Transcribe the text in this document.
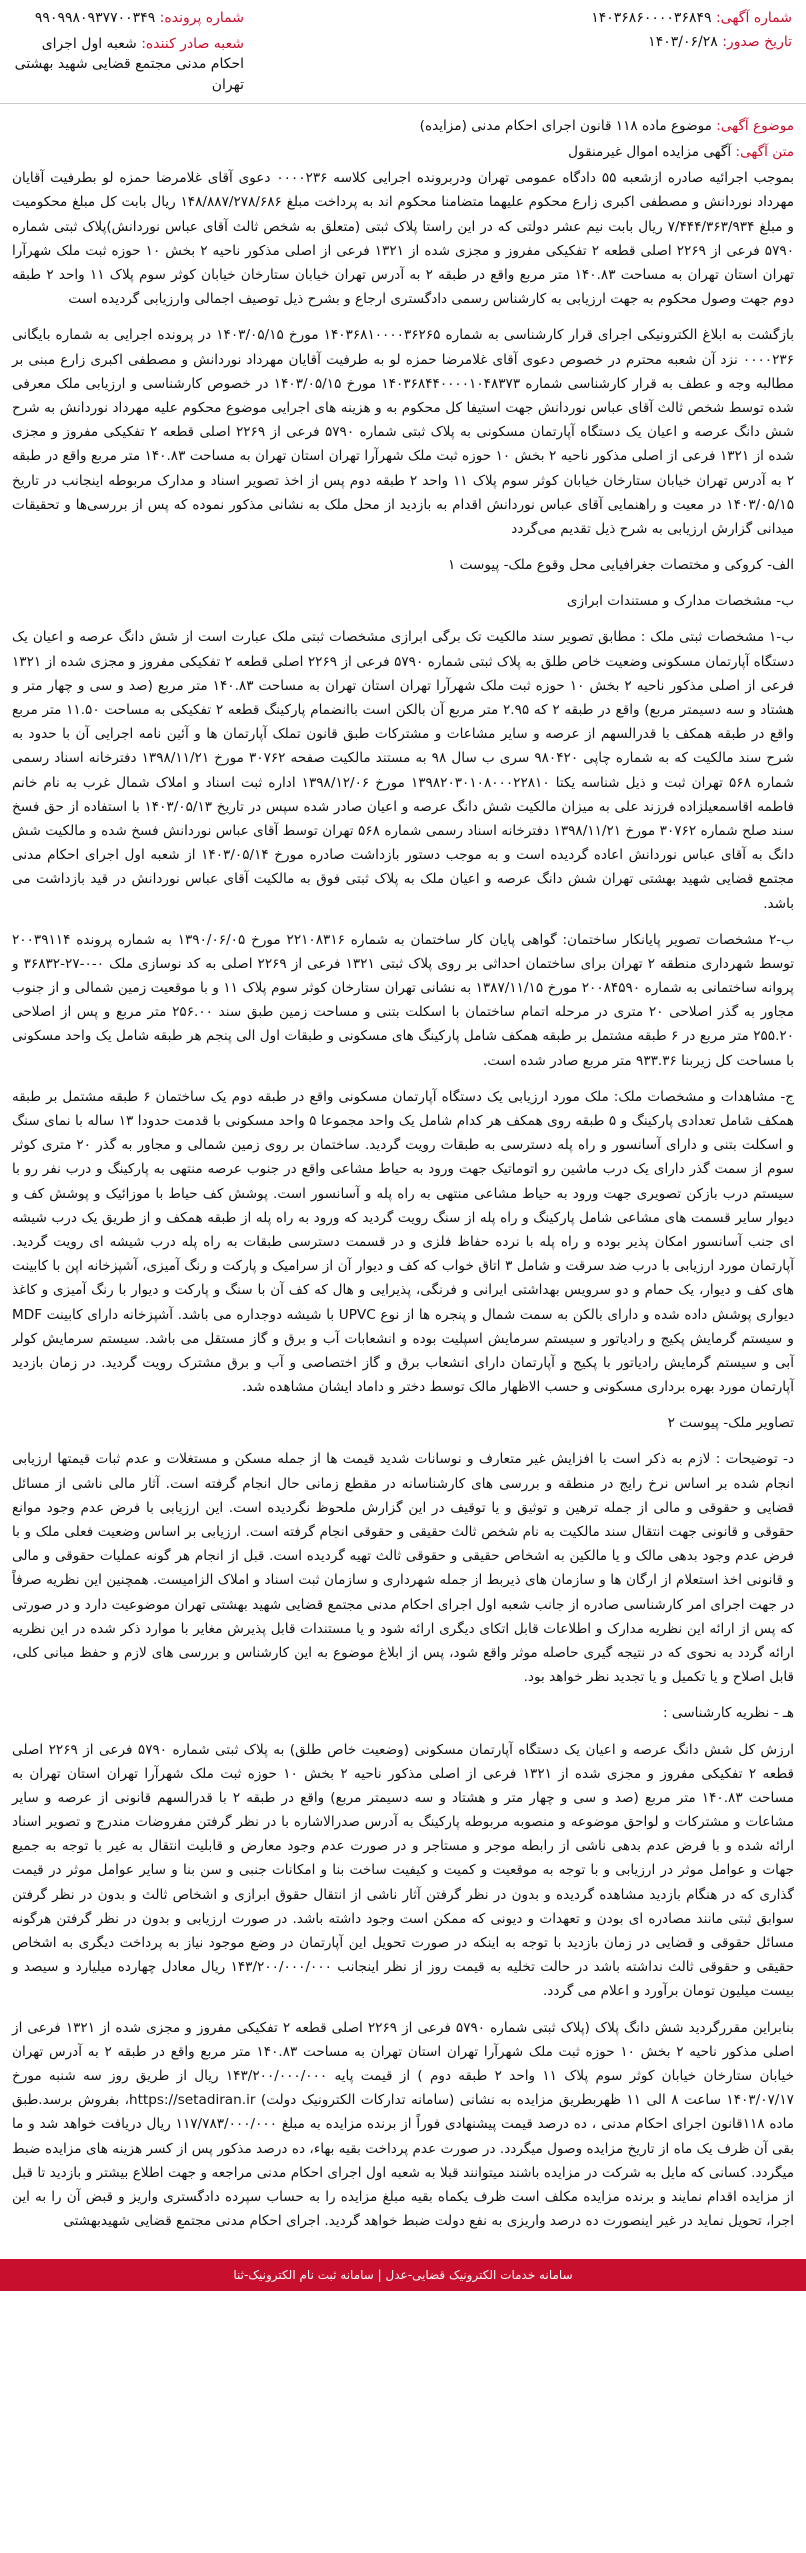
شماره آگهی: ۱۴۰۳۶۸۶۰۰۰۰۳۶۸۴۹
تاریخ صدور: ۱۴۰۳/۰۶/۲۸
شماره پرونده: ۹۹۰۹۹۸۰۹۳۷۷۰۰۳۴۹
شعبه صادر کننده: شعبه اول اجرای احکام مدنی مجتمع قضایی شهید بهشتی تهران
موضوع آگهی: موضوع ماده ۱۱۸ قانون اجرای احکام مدنی (مزایده)
متن آگهی: آگهی مزایده اموال غیرمنقول

بموجب اجرائیه صادره ازشعبه ۵۵ دادگاه عمومی تهران ودربرونده اجرایی کلاسه ۰۰۰۰۲۳۶ دعوی آقای غلامرضا حمزه لو بطرفیت آقایان مهرداد نوردانش و مصطفی اکبری زارع محکوم علیهما متضامنا محکوم اند به پرداخت مبلغ ۱۴۸/۸۸۷/۲۷۸/۶۸۶ ریال بابت کل مبلغ محکومیت و مبلغ ۷/۴۴۴/۳۶۳/۹۳۴ ریال بابت نیم عشر دولتی که در این راستا پلاک ثبتی (متعلق به شخص ثالث آقای عباس نوردانش)پلاک ثبتی شماره ۵۷۹۰ فرعی از ۲۲۶۹ اصلی قطعه ۲ تفکیکی مفروز و مجزی شده از ۱۳۲۱ فرعی از اصلی مذکور ناحیه ۲ بخش ۱۰ حوزه ثبت ملک شهرآرا تهران استان تهران به مساحت ۱۴۰.۸۳ متر مربع واقع در طبقه ۲ به آدرس تهران خیابان ستارخان خیابان کوثر سوم پلاک ۱۱ واحد ۲ طبقه دوم جهت وصول محکوم به جهت ارزیابی به کارشناس رسمی دادگستری ارجاع و بشرح ذیل توصیف اجمالی وارزیابی گردیده است

بازگشت به ابلاغ الکترونیکی اجرای قرار کارشناسی به شماره ۱۴۰۳۶۸۱۰۰۰۰۳۶۲۶۵ مورخ ۱۴۰۳/۰۵/۱۵ در پرونده اجرایی به شماره بایگانی ۰۰۰۰۲۳۶ نزد آن شعبه محترم در خصوص دعوی آقای غلامرضا حمزه لو به طرفیت آقایان مهرداد نوردانش و مصطفی اکبری زارع مبنی بر مطالبه وجه و عطف به قرار کارشناسی شماره ۱۴۰۳۶۸۴۴۰۰۰۰۱۰۴۸۳۷۳ مورخ ۱۴۰۳/۰۵/۱۵ در خصوص کارشناسی و ارزیابی ملک معرفی شده توسط شخص ثالث آقای عباس نوردانش جهت استیفا کل محکوم به و هزینه های اجرایی موضوع محکوم علیه مهرداد نوردانش به شرح شش دانگ عرصه و اعیان یک دستگاه آپارتمان مسکونی به پلاک ثبتی شماره ۵۷۹۰ فرعی از ۲۲۶۹ اصلی قطعه ۲ تفکیکی مفروز و مجزی شده از ۱۳۲۱ فرعی از اصلی مذکور ناحیه ۲ بخش ۱۰ حوزه ثبت ملک شهرآرا تهران استان تهران به مساحت ۱۴۰.۸۳ متر مربع واقع در طبقه ۲ به آدرس تهران خیابان ستارخان خیابان کوثر سوم پلاک ۱۱ واحد ۲ طبقه دوم پس از اخذ تصویر اسناد و مدارک مربوطه اینجانب در تاریخ ۱۴۰۳/۰۵/۱۵ در معیت و راهنمایی آقای عباس نوردانش اقدام به بازدید از محل ملک به نشانی مذکور نموده که پس از بررسی‌ها و تحقیقات میدانی گزارش ارزیابی به شرح ذیل تقدیم می‌گردد

الف- کروکی و مختصات جغرافیایی محل وقوع ملک- پیوست ۱

ب- مشخصات مدارک و مستندات ابرازی

ب-۱ مشخصات ثبتی ملک : مطابق تصویر سند مالکیت تک برگی ابرازی مشخصات ثبتی ملک عبارت است از شش دانگ عرصه و اعیان یک دستگاه آپارتمان مسکونی وضعیت خاص طلق به پلاک ثبتی شماره ۵۷۹۰ فرعی از ۲۲۶۹ اصلی قطعه ۲ تفکیکی مفروز و مجزی شده از ۱۳۲۱ فرعی از اصلی مذکور ناحیه ۲ بخش ۱۰ حوزه ثبت ملک شهرآرا تهران استان تهران به مساحت ۱۴۰.۸۳ متر مربع (صد و سی و چهار متر و هشتاد و سه دسیمتر مربع) واقع در طبقه ۲ که ۲.۹۵ متر مربع آن بالکن است باانضمام پارکینگ قطعه ۲ تفکیکی به مساحت ۱۱.۵۰ متر مربع واقع در طبقه همکف با قدرالسهم از عرصه و سایر مشاعات و مشترکات طبق قانون تملک آپارتمان ها و آئین نامه اجرایی آن با حدود به شرح سند مالکیت که به شماره چاپی ۹۸۰۴۲۰ سری ب سال ۹۸ به مستند مالکیت صفحه ۳۰۷۶۲ مورخ ۱۳۹۸/۱۱/۲۱ دفترخانه اسناد رسمی شماره ۵۶۸ تهران ثبت و ذیل شناسه یکتا ۱۳۹۸۲۰۳۰۱۰۸۰۰۰۲۲۸۱۰ مورخ ۱۳۹۸/۱۲/۰۶ اداره ثبت اسناد و املاک شمال غرب به نام خانم فاطمه اقاسمعیلزاده فرزند علی به میزان مالکیت شش دانگ عرصه و اعیان صادر شده سپس در تاریخ ۱۴۰۳/۰۵/۱۳ با استفاده از حق فسخ سند صلح شماره ۳۰۷۶۲ مورخ ۱۳۹۸/۱۱/۲۱ دفترخانه اسناد رسمی شماره ۵۶۸ تهران توسط آقای عباس نوردانش فسخ شده و مالکیت شش دانگ به آقای عباس نوردانش اعاده گردیده است و به موجب دستور بازداشت صادره مورخ ۱۴۰۳/۰۵/۱۴ از شعبه اول اجرای احکام مدنی مجتمع قضایی شهید بهشتی تهران شش دانگ عرصه و اعیان ملک به پلاک ثبتی فوق به مالکیت آقای عباس نوردانش در قید بازداشت می باشد.

ب-۲ مشخصات تصویر پایانکار ساختمان: گواهی پایان کار ساختمان به شماره ۲۲۱۰۸۳۱۶ مورخ ۱۳۹۰/۰۶/۰۵ به شماره پرونده ۲۰۰۳۹۱۱۴ توسط شهرداری منطقه ۲ تهران برای ساختمان احداثی بر روی پلاک ثبتی ۱۳۲۱ فرعی از ۲۲۶۹ اصلی به کد نوسازی ملک ۰-۰-۲۷-۳۶۸۳۲ و پروانه ساختمانی به شماره ۲۰۰۸۴۵۹۰ مورخ ۱۳۸۷/۱۱/۱۵ به نشانی تهران ستارخان کوثر سوم پلاک ۱۱ و با موقعیت زمین شمالی و از جنوب مجاور به گذر اصلاحی ۲۰ متری در مرحله اتمام ساختمان با اسکلت بتنی و مساحت زمین طبق سند ۲۵۶.۰۰ متر مربع و پس از اصلاحی ۲۵۵.۲۰ متر مربع در ۶ طبقه مشتمل بر طبقه همکف شامل پارکینگ های مسکونی و طبقات اول الی پنجم هر طبقه شامل یک واحد مسکونی با مساحت کل زیربنا ۹۳۳.۳۶ متر مربع صادر شده است.

ج- مشاهدات و مشخصات ملک: ملک مورد ارزیابی یک دستگاه آپارتمان مسکونی واقع در طبقه دوم یک ساختمان ۶ طبقه مشتمل بر طبقه همکف شامل تعدادی پارکینگ و ۵ طبقه روی همکف هر کدام شامل یک واحد مجموعا ۵ واحد مسکونی با قدمت حدودا ۱۳ ساله با نمای سنگ و اسکلت بتنی و دارای آسانسور و راه پله دسترسی به طبقات رویت گردید. ساختمان بر روی زمین شمالی و مجاور به گذر ۲۰ متری کوثر سوم از سمت گذر دارای یک درب ماشین رو اتوماتیک جهت ورود به حیاط مشاعی واقع در جنوب عرصه منتهی به پارکینگ و درب نفر رو با سیستم درب بازکن تصویری جهت ورود به حیاط مشاعی منتهی به راه پله و آسانسور است. پوشش کف حیاط با موزائیک و پوشش کف و دیوار سایر قسمت های مشاعی شامل پارکینگ و راه پله از سنگ رویت گردید که ورود به راه پله از طبقه همکف و از طریق یک درب شیشه ای جنب آسانسور امکان پذیر بوده و راه پله با نرده حفاظ فلزی و در قسمت دسترسی طبقات به راه پله درب شیشه ای رویت گردید. آپارتمان مورد ارزیابی با درب ضد سرقت و شامل ۳ اتاق خواب که کف و دیوار آن از سرامیک و پارکت و رنگ آمیزی، آشپزخانه اپن با کابینت های کف و دیوار، یک حمام و دو سرویس بهداشتی ایرانی و فرنگی، پذیرایی و هال که کف آن با سنگ و پارکت و دیوار با رنگ آمیزی و کاغذ دیواری پوشش داده شده و دارای بالکن به سمت شمال و پنجره ها از نوع UPVC با شیشه دوجداره می باشد. آشپزخانه دارای کابینت MDF و سیستم گرمایش پکیج و رادیاتور و سیستم سرمایش اسپلیت بوده و انشعابات آب و برق و گاز مستقل می باشد. سیستم سرمایش کولر آبی و سیستم گرمایش رادیاتور با پکیج و آپارتمان دارای انشعاب برق و گاز اختصاصی و آب و برق مشترک رویت گردید. در زمان بازدید آپارتمان مورد بهره برداری مسکونی و حسب الاظهار مالک توسط دختر و داماد ایشان مشاهده شد.

تصاویر ملک- پیوست ۲

د- توضیحات : لازم به ذکر است با افزایش غیر متعارف و نوسانات شدید قیمت ها از جمله مسکن و مستغلات و عدم ثبات قیمتها ارزیابی انجام شده بر اساس نرخ رایج در منطقه و بررسی های کارشناسانه در مقطع زمانی حال انجام گرفته است. آثار مالی ناشی از مسائل قضایی و حقوقی و مالی از جمله ترهین و توثیق و یا توقیف در این گزارش ملحوظ نگردیده است. این ارزیابی با فرض عدم وجود موانع حقوقی و قانونی جهت انتقال سند مالکیت به نام شخص ثالث حقیقی و حقوقی انجام گرفته است. ارزیابی بر اساس وضعیت فعلی ملک و با فرض عدم وجود بدهی مالک و یا مالکین به اشخاص حقیقی و حقوقی ثالث تهیه گردیده است. قبل از انجام هر گونه عملیات حقوقی و مالی و قانونی اخذ استعلام از ارگان ها و سازمان های ذیربط از جمله شهرداری و سازمان ثبت اسناد و املاک الزامیست. همچنین این نظریه صرفاً در جهت اجرای امر کارشناسی صادره از جانب شعبه اول اجرای احکام مدنی مجتمع قضایی شهید بهشتی تهران موضوعیت دارد و در صورتی که پس از ارائه این نظریه مدارک و اطلاعات قابل اتکای دیگری ارائه شود و یا مستندات قابل پذیرش مغایر با موارد ذکر شده در این نظریه ارائه گردد به نحوی که در نتیجه گیری حاصله موثر واقع شود، پس از ابلاغ موضوع به این کارشناس و بررسی های لازم و حفظ مبانی کلی، قابل اصلاح و یا تکمیل و یا تجدید نظر خواهد بود.

هـ - نظریه کارشناسی :

ارزش کل شش دانگ عرصه و اعیان یک دستگاه آپارتمان مسکونی (وضعیت خاص طلق) به پلاک ثبتی شماره ۵۷۹۰ فرعی از ۲۲۶۹ اصلی قطعه ۲ تفکیکی مفروز و مجزی شده از ۱۳۲۱ فرعی از اصلی مذکور ناحیه ۲ بخش ۱۰ حوزه ثبت ملک شهرآرا تهران استان تهران به مساحت ۱۴۰.۸۳ متر مربع (صد و سی و چهار متر و هشتاد و سه دسیمتر مربع) واقع در طبقه ۲ با قدرالسهم قانونی از عرصه و سایر مشاعات و مشترکات و لواحق موضوعه و منصوبه مربوطه پارکینگ به آدرس صدرالاشاره با در نظر گرفتن مفروضات مندرج و تصویر اسناد ارائه شده و با فرض عدم بدهی ناشی از رابطه موجر و مستاجر و در صورت عدم وجود معارض و قابلیت انتقال به غیر با توجه به جمیع جهات و عوامل موثر در ارزیابی و با توجه به موقعیت و کمیت و کیفیت ساخت بنا و امکانات جنبی و سن بنا و سایر عوامل موثر در قیمت گذاری که در هنگام بازدید مشاهده گردیده و بدون در نظر گرفتن آثار ناشی از انتقال حقوق ابرازی و اشخاص ثالث و بدون در نظر گرفتن سوابق ثبتی مانند مصادره ای بودن و تعهدات و دیونی که ممکن است وجود داشته باشد. در صورت ارزیابی و بدون در نظر گرفتن هرگونه مسائل حقوقی و قضایی در زمان بازدید با توجه به اینکه در صورت تحویل این آپارتمان در وضع موجود نیاز به پرداخت دیگری به اشخاص حقیقی و حقوقی ثالث نداشته باشد در حالت تخلیه به قیمت روز از نظر اینجانب ۱۴۳/۲۰۰/۰۰۰/۰۰۰ ریال معادل چهارده میلیارد و سیصد و بیست میلیون تومان برآورد و اعلام می گردد.

بنابراین مقررگردید شش دانگ پلاک (پلاک ثبتی شماره ۵۷۹۰ فرعی از ۲۲۶۹ اصلی قطعه ۲ تفکیکی مفروز و مجزی شده از ۱۳۲۱ فرعی از اصلی مذکور ناحیه ۲ بخش ۱۰ حوزه ثبت ملک شهرآرا تهران استان تهران به مساحت ۱۴۰.۸۳ متر مربع واقع در طبقه ۲ به آدرس تهران خیابان ستارخان خیابان کوثر سوم پلاک ۱۱ واحد ۲ طبقه دوم ) از قیمت پایه ۱۴۳/۲۰۰/۰۰۰/۰۰۰ ریال از طریق روز سه شنبه مورخ ۱۴۰۳/۰۷/۱۷ ساعت ۸ الی ۱۱ ظهربطریق مزایده به نشانی (سامانه تدارکات الکترونیک دولت) https://setadiran.ir، بفروش برسد.طبق ماده ۱۱۸قانون اجرای احکام مدنی ، ده درصد قیمت پیشنهادی فوراً از برنده مزایده به مبلغ ۱۱۷/۷۸۳/۰۰۰/۰۰۰ ریال دریافت خواهد شد و ما بقی آن ظرف یک ماه از تاریخ مزایده وصول میگردد. در صورت عدم پرداخت بقیه بهاء، ده درصد مذکور پس از کسر هزینه های مزایده ضبط میگردد. کسانی که مایل به شرکت در مزایده باشند میتوانند قبلا به شعبه اول اجرای احکام مدنی مراجعه و جهت اطلاع بیشتر و بازدید تا قبل از مزایده اقدام نمایند و برنده مزایده مکلف است ظرف یکماه بقیه مبلغ مزایده را به حساب سپرده دادگستری واریز و قبض آن را به این اجرا، تحویل نماید در غیر اینصورت ده درصد واریزی به نفع دولت ضبط خواهد گردید. اجرای احکام مدنی مجتمع قضایی شهیدبهشتی

سامانه خدمات الکترونیک قضایی-عدل | سامانه ثبت نام الکترونیک-ثنا
